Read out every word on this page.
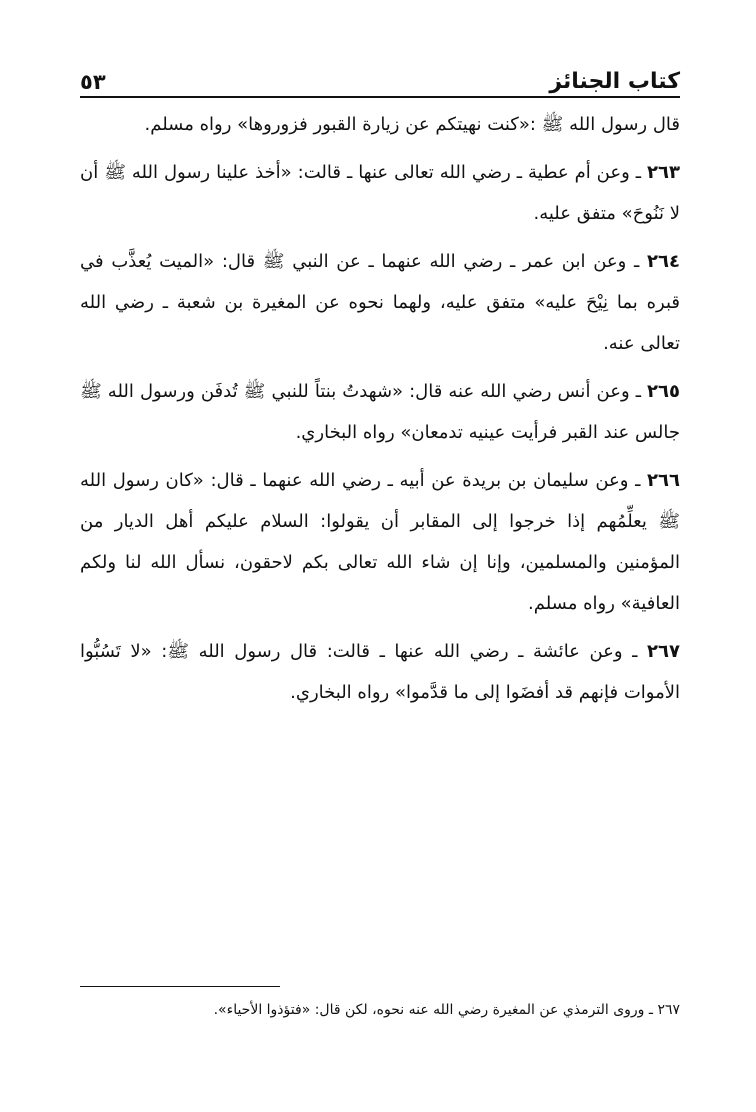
كتاب الجنائز
٥٣

قال رسول الله ﷺ :«كنت نهيتكم عن زيارة القبور فزوروها» رواه مسلم.

٢٦٣ ـ وعن أم عطية ـ رضي الله تعالى عنها ـ قالت: «أخذ علينا رسول الله ﷺ أن لا نَنُوحَ» متفق عليه.

٢٦٤ ـ وعن ابن عمر ـ رضي الله عنهما ـ عن النبي ﷺ قال: «الميت يُعذَّب في قبره بما نِيْحَ عليه» متفق عليه، ولهما نحوه عن المغيرة بن شعبة ـ رضي الله تعالى عنه.

٢٦٥ ـ وعن أنس رضي الله عنه قال: «شهدتُ بنتاً للنبي ﷺ تُدفَن ورسول الله ﷺ جالس عند القبر فرأيت عينيه تدمعان» رواه البخاري.

٢٦٦ ـ وعن سليمان بن بريدة عن أبيه ـ رضي الله عنهما ـ قال: «كان رسول الله ﷺ يعلِّمُهم إذا خرجوا إلى المقابر أن يقولوا: السلام عليكم أهل الديار من المؤمنين والمسلمين، وإنا إن شاء الله تعالى بكم لاحقون، نسأل الله لنا ولكم العافية» رواه مسلم.

٢٦٧ ـ وعن عائشة ـ رضي الله عنها ـ قالت: قال رسول الله ﷺ: «لا تَسُبُّوا الأموات فإنهم قد أفضَوا إلى ما قدَّموا» رواه البخاري.

٢٦٧ ـ وروى الترمذي عن المغيرة رضي الله عنه نحوه، لكن قال: «فتؤذوا الأحياء».
